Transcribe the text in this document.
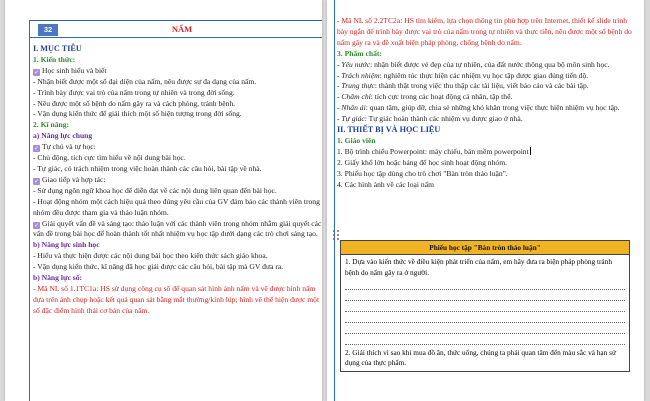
32	NẤM

I. MỤC TIÊU

1. Kiến thức:

✓ Học sinh hiểu và biết

- Nhận biết được một số đại diện của nấm, nêu được sự đa dạng của nấm.

- Trình bày được vai trò của nấm trong tự nhiên và trong đời sống.

- Nêu được một số bệnh do nấm gây ra và cách phòng, tránh bệnh.

- Vận dụng kiến thức để giải thích một số hiện tượng trong đời sống.

2. Kĩ năng:

a) Năng lực chung

✓ Tự chủ và tự học:

- Chủ động, tích cực tìm hiểu về nội dung bài học.

- Tự giác, có trách nhiệm trong việc hoàn thành các câu hỏi, bài tập về nhà.

✓ Giao tiếp và hợp tác:

- Sử dụng ngôn ngữ khoa học để diễn đạt về các nội dung liên quan đến bài học.

- Hoạt động nhóm một cách hiệu quả theo đúng yêu cầu của GV đảm bảo các thành viên trong nhóm đều được tham gia và thảo luận nhóm.

✓ Giải quyết vấn đề và sáng tạo: thảo luận với các thành viên trong nhóm nhằm giải quyết các vấn đề trong bài học để hoàn thành tốt nhất nhiệm vụ học tập dưới dạng các trò chơi sáng tạo.

b) Năng lực sinh học

- Hiểu và thực hiện được các nội dung bài học theo kiến thức sách giáo khoa.

- Vận dụng kiến thức, kĩ năng đã học giải được các câu hỏi, bài tập mà GV đưa ra.

b) Năng lực số:

- Mã NL số 1.1TC1a: HS sử dụng công cụ số để quan sát hình ảnh nấm và vẽ được hình nấm dựa trên ảnh chụp hoặc kết quả quan sát bằng mắt thường/kính lúp; hình vẽ thể hiện được một số đặc điểm hình thái cơ bản của nấm.

- Mã NL số 2.2TC2a: HS tìm kiếm, lựa chọn thông tin phù hợp trên Internet, thiết kế slide trình bày ngắn để trình bày được vai trò của nấm trong tự nhiên và thực tiễn, nêu được một số bệnh do nấm gây ra và đề xuất biện pháp phòng, chống bệnh do nấm.

3. Phẩm chất:

- Yêu nước: nhận biết được vẻ đẹp của tự nhiên, của đất nước thông qua bộ môn sinh học.

- Trách nhiệm: nghiêm túc thực hiện các nhiệm vụ học tập được giao đúng tiến độ.

- Trung thực: thành thật trong việc thu thập các tài liệu, viết báo cáo và các bài tập.

- Chăm chỉ: tích cực trong các hoạt động cá nhân, tập thể.

- Nhân ái: quan tâm, giúp đỡ, chia sẻ những khó khăn trong việc thực hiện nhiệm vụ học tập.

- Tự giác: Tự giác hoàn thành các nhiệm vụ được giao ở nhà.

II. THIẾT BỊ VÀ HỌC LIỆU

1. Giáo viên

1. Bộ trình chiếu Powerpoint: máy chiếu, bản mềm powerpoint

2. Giấy khổ lớn hoặc bảng để học sinh hoạt động nhóm.

3. Phiếu học tập dùng cho trò chơi "Bàn tròn thảo luận".

4. Các hình ảnh về các loại nấm

Phiếu học tập "Bàn tròn thảo luận"

1. Dựa vào kiến thức về điều kiện phát triển của nấm, em hãy đưa ra biện pháp phòng tránh bệnh do nấm gây ra ở người.

2. Giải thích vì sao khi mua đồ ăn, thức uống, chúng ta phải quan tâm đến màu sắc và hạn sử dụng của thực phẩm.
